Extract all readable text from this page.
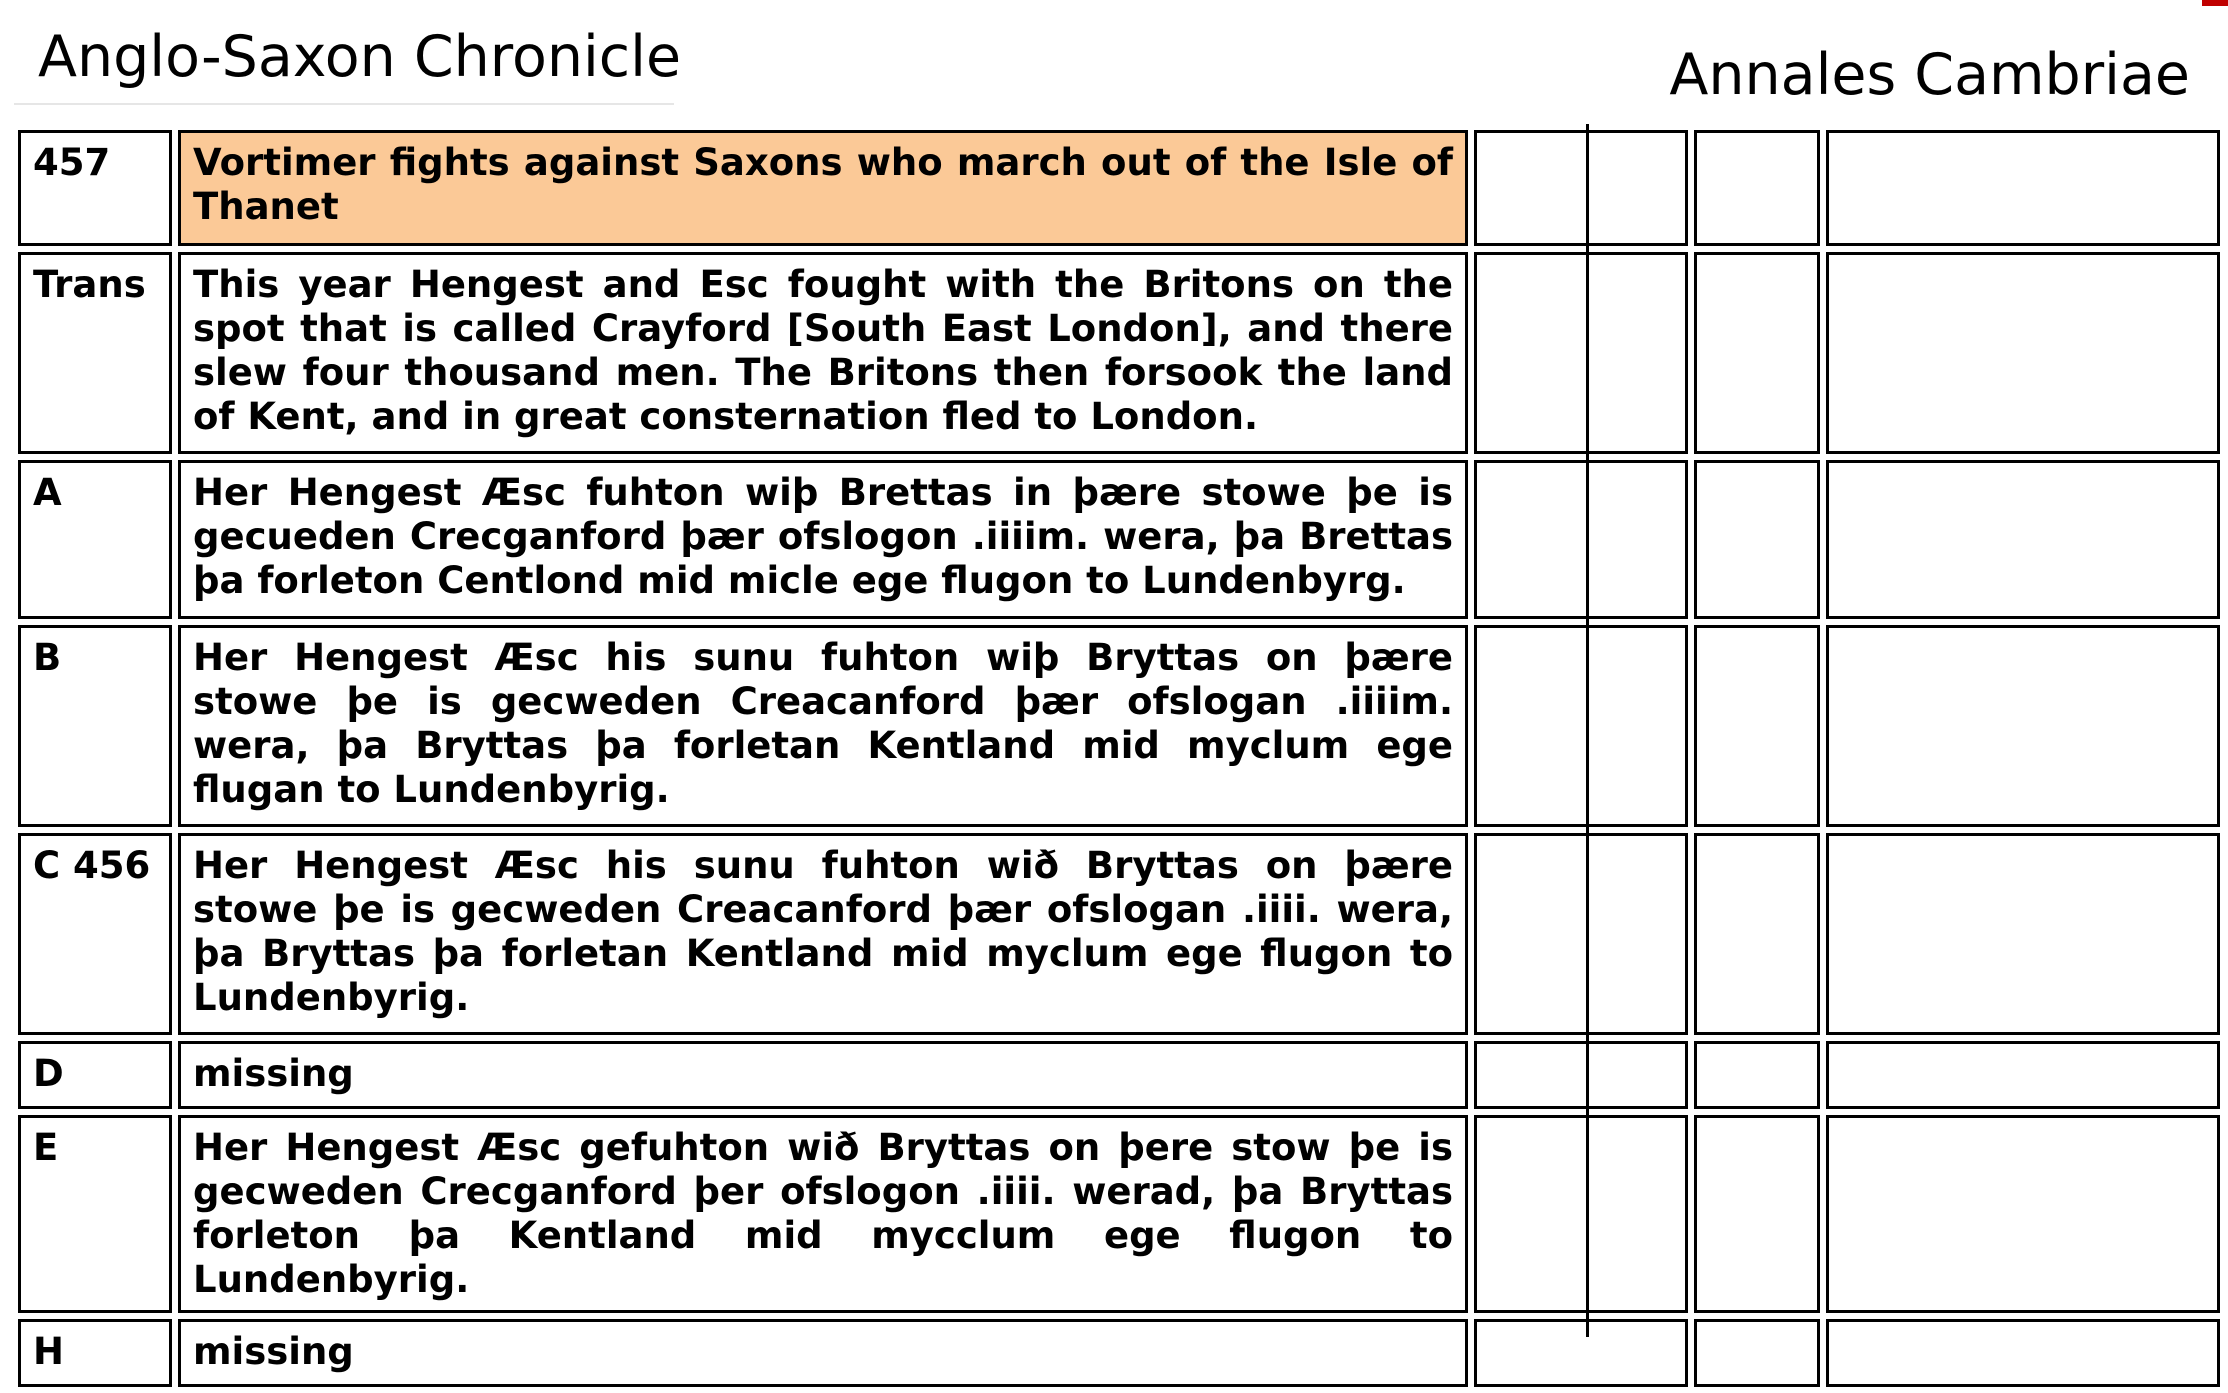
Anglo-Saxon Chronicle	Annales Cambriae
457	Vortimer fights against Saxons who march out of the Isle of Thanet			
Trans	This year Hengest and Esc fought with the Britons on the spot that is called Crayford [South East London], and there slew four thousand men. The Britons then forsook the land of Kent, and in great consternation fled to London.			
A	Her Hengest Æsc fuhton wiþ Brettas in þære stowe þe is gecueden Crecganford þær ofslogon .iiiim. wera, þa Brettas þa forleton Centlond mid micle ege flugon to Lundenbyrg.			
B	Her Hengest Æsc his sunu fuhton wiþ Bryttas on þære stowe þe is gecweden Creacanford þær ofslogan .iiiim. wera, þa Bryttas þa forletan Kentland mid myclum ege flugan to Lundenbyrig.			
C 456	Her Hengest Æsc his sunu fuhton wið Bryttas on þære stowe þe is gecweden Creacanford þær ofslogan .iiii. wera, þa Bryttas þa forletan Kentland mid myclum ege flugon to Lundenbyrig.			
D	missing			
E	Her Hengest Æsc gefuhton wið Bryttas on þere stow þe is gecweden Crecganford þer ofslogon .iiii. werad, þa Bryttas forleton þa Kentland mid mycclum ege flugon to Lundenbyrig.			
H	missing			
